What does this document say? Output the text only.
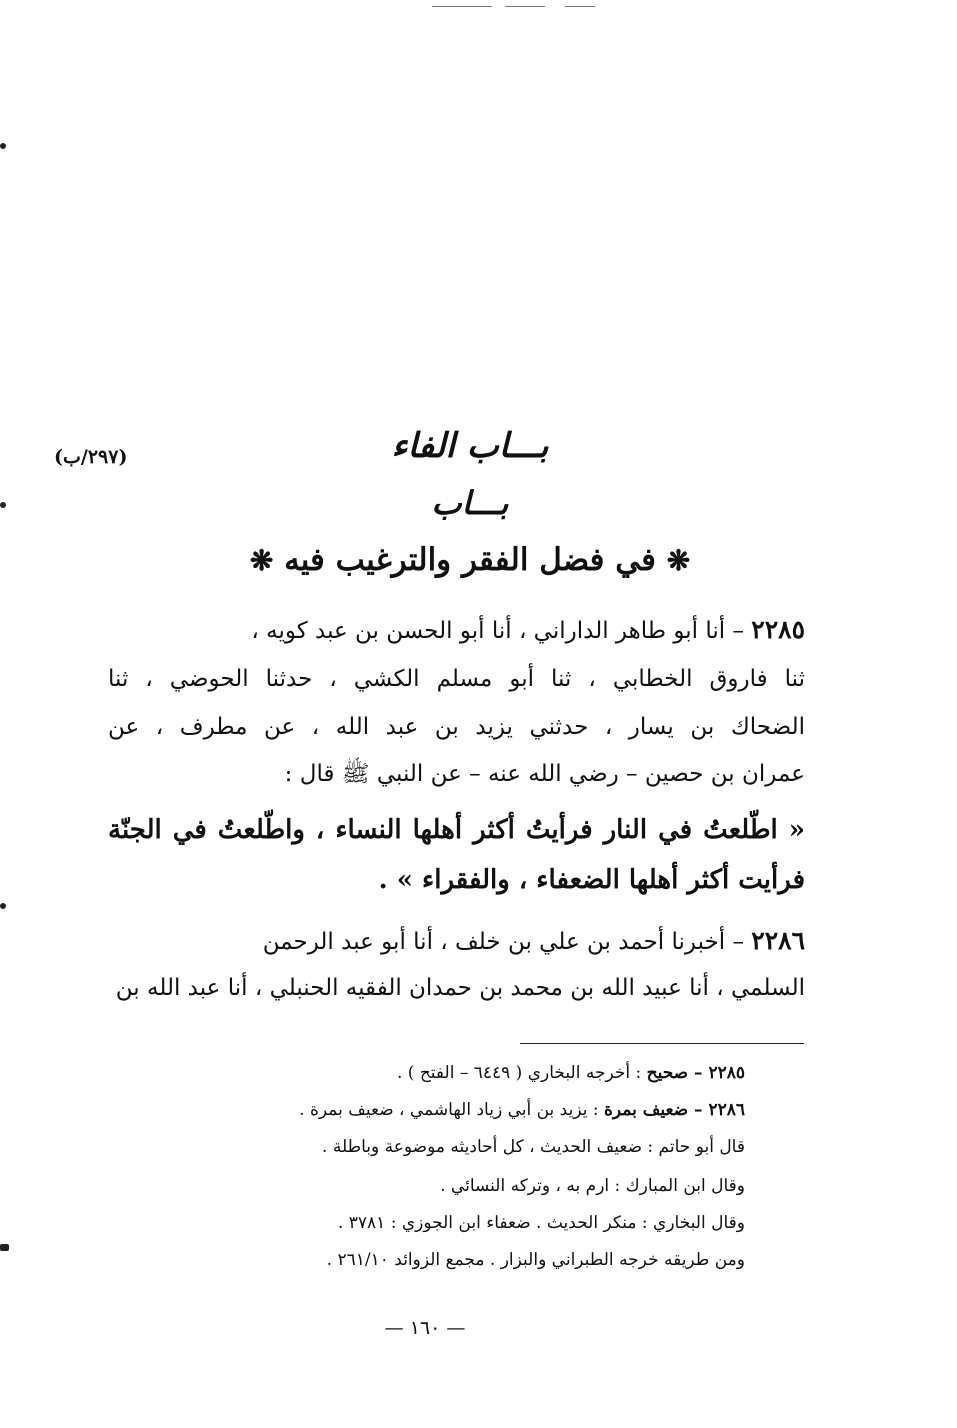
(٢٩٧/ب)	بـــاب الفاء
بـــاب
❋ في فضل الفقر والترغيب فيه ❋
٢٢٨٥ – أنا أبو طاهر الداراني ، أنا أبو الحسن بن عبد كويه ،
ثنا فاروق الخطابي ، ثنا أبو مسلم الكشي ، حدثنا الحوضي ، ثنا
الضحاك بن يسار ، حدثني يزيد بن عبد الله ، عن مطرف ، عن
عمران بن حصين – رضي الله عنه – عن النبي ﷺ قال :
« اطّلعتُ في النار فرأيتُ أكثر أهلها النساء ، واطّلعتُ في الجنّة
فرأيت أكثر أهلها الضعفاء ، والفقراء » .
٢٢٨٦ – أخبرنا أحمد بن علي بن خلف ، أنا أبو عبد الرحمن
السلمي ، أنا عبيد الله بن محمد بن حمدان الفقيه الحنبلي ، أنا عبد الله بن
٢٢٨٥ – صحيح : أخرجه البخاري ( ٦٤٤٩ – الفتح ) .
٢٢٨٦ – ضعيف بمرة : يزيد بن أبي زياد الهاشمي ، ضعيف بمرة .
قال أبو حاتم : ضعيف الحديث ، كل أحاديثه موضوعة وباطلة .
وقال ابن المبارك : ارم به ، وتركه النسائي .
وقال البخاري : منكر الحديث . ضعفاء ابن الجوزي : ٣٧٨١ .
ومن طريقه خرجه الطبراني والبزار . مجمع الزوائد ٢٦١/١٠ .
— ١٦٠ —
